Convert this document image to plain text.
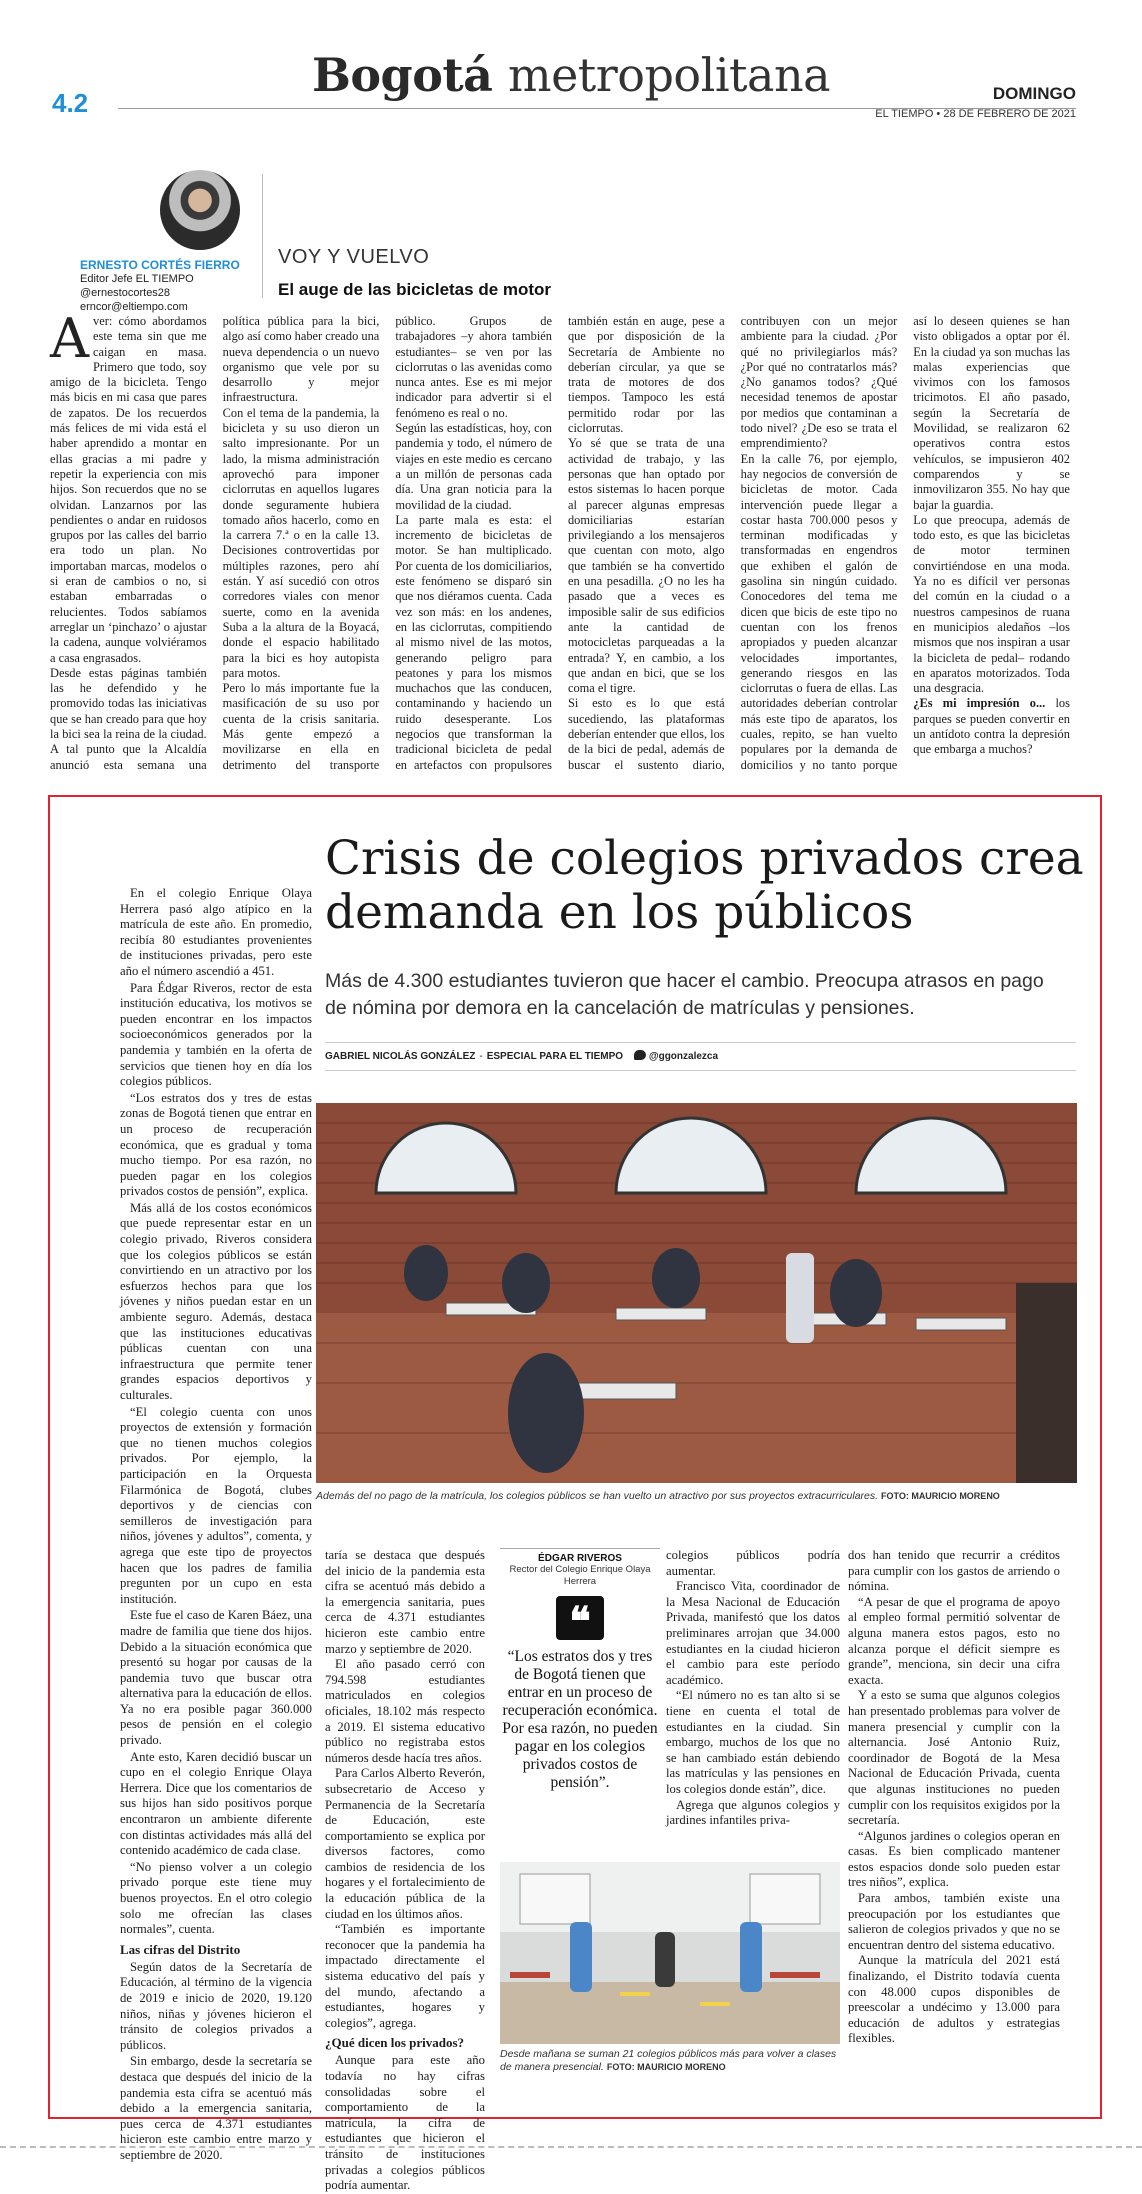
4.2
Bogotá metropolitana	DOMINGO
EL TIEMPO • 28 DE FEBRERO DE 2021
ERNESTO CORTÉS FIERRO
Editor Jefe EL TIEMPO
@ernestocortes28
erncor@eltiempo.com
VOY Y VUELVO
El auge de las bicicletas de motor

Aver: cómo abordamos este tema sin que me caigan en masa. Primero que todo, soy amigo de la bicicleta. Tengo más bicis en mi casa que pares de zapatos. De los recuerdos más felices de mi vida está el haber aprendido a montar en ellas gracias a mi padre y repetir la experiencia con mis hijos. Son recuerdos que no se olvidan. Lanzarnos por las pendientes o andar en ruidosos grupos por las calles del barrio era todo un plan. No importaban marcas, modelos o si eran de cambios o no, si estaban embarradas o relucientes. Todos sabíamos arreglar un ‘pinchazo’ o ajustar la cadena, aunque volviéramos a casa engrasados.

Desde estas páginas también las he defendido y he promovido todas las iniciativas que se han creado para que hoy la bici sea la reina de la ciudad. A tal punto que la Alcaldía anunció esta semana una política pública para la bici, algo así como haber creado una nueva dependencia o un nuevo organismo que vele por su desarrollo y mejor infraestructura.

Con el tema de la pandemia, la bicicleta y su uso dieron un salto impresionante. Por un lado, la misma administración aprovechó para imponer ciclorrutas en aquellos lugares donde seguramente hubiera tomado años hacerlo, como en la carrera 7.ª o en la calle 13. Decisiones controvertidas por múltiples razones, pero ahí están. Y así sucedió con otros corredores viales con menor suerte, como en la avenida Suba a la altura de la Boyacá, donde el espacio habilitado para la bici es hoy autopista para motos.

Pero lo más importante fue la masificación de su uso por cuenta de la crisis sanitaria. Más gente empezó a movilizarse en ella en detrimento del transporte público. Grupos de trabajadores –y ahora también estudiantes– se ven por las ciclorrutas o las avenidas como nunca antes. Ese es mi mejor indicador para advertir si el fenómeno es real o no.

Según las estadísticas, hoy, con pandemia y todo, el número de viajes en este medio es cercano a un millón de personas cada día. Una gran noticia para la movilidad de la ciudad.

La parte mala es esta: el incremento de bicicletas de motor. Se han multiplicado. Por cuenta de los domiciliarios, este fenómeno se disparó sin que nos diéramos cuenta. Cada vez son más: en los andenes, en las ciclorrutas, compitiendo al mismo nivel de las motos, generando peligro para peatones y para los mismos muchachos que las conducen, contaminando y haciendo un ruido desesperante. Los negocios que transforman la tradicional bicicleta de pedal en artefactos con propulsores también están en auge, pese a que por disposición de la Secretaría de Ambiente no deberían circular, ya que se trata de motores de dos tiempos. Tampoco les está permitido rodar por las ciclorrutas.

Yo sé que se trata de una actividad de trabajo, y las personas que han optado por estos sistemas lo hacen porque al parecer algunas empresas domiciliarias estarían privilegiando a los mensajeros que cuentan con moto, algo que también se ha convertido en una pesadilla. ¿O no les ha pasado que a veces es imposible salir de sus edificios ante la cantidad de motocicletas parqueadas a la entrada? Y, en cambio, a los que andan en bici, que se los coma el tigre.

Si esto es lo que está sucediendo, las plataformas deberían entender que ellos, los de la bici de pedal, además de buscar el sustento diario, contribuyen con un mejor ambiente para la ciudad. ¿Por qué no privilegiarlos más? ¿Por qué no contratarlos más? ¿No ganamos todos? ¿Qué necesidad tenemos de apostar por medios que contaminan a todo nivel? ¿De eso se trata el emprendimiento?

En la calle 76, por ejemplo, hay negocios de conversión de bicicletas de motor. Cada intervención puede llegar a costar hasta 700.000 pesos y terminan modificadas y transformadas en engendros que exhiben el galón de gasolina sin ningún cuidado. Conocedores del tema me dicen que bicis de este tipo no cuentan con los frenos apropiados y pueden alcanzar velocidades importantes, generando riesgos en las ciclorrutas o fuera de ellas. Las autoridades deberían controlar más este tipo de aparatos, los cuales, repito, se han vuelto populares por la demanda de domicilios y no tanto porque así lo deseen quienes se han visto obligados a optar por él. En la ciudad ya son muchas las malas experiencias que vivimos con los famosos tricimotos. El año pasado, según la Secretaría de Movilidad, se realizaron 62 operativos contra estos vehículos, se impusieron 402 comparendos y se inmovilizaron 355. No hay que bajar la guardia.

Lo que preocupa, además de todo esto, es que las bicicletas de motor terminen convirtiéndose en una moda. Ya no es difícil ver personas del común en la ciudad o a nuestros campesinos de ruana en municipios aledaños –los mismos que nos inspiran a usar la bicicleta de pedal– rodando en aparatos motorizados. Toda una desgracia.

¿Es mi impresión o... los parques se pueden convertir en un antídoto contra la depresión que embarga a muchos?

Crisis de colegios privados crea demanda en los públicos
Más de 4.300 estudiantes tuvieron que hacer el cambio. Preocupa atrasos en pago de nómina por demora en la cancelación de matrículas y pensiones.
GABRIEL NICOLÁS GONZÁLEZ - ESPECIAL PARA EL TIEMPO	@ggonzalezca

En el colegio Enrique Olaya Herrera pasó algo atípico en la matrícula de este año. En promedio, recibía 80 estudiantes provenientes de instituciones privadas, pero este año el número ascendió a 451.

Para Édgar Riveros, rector de esta institución educativa, los motivos se pueden encontrar en los impactos socioeconómicos generados por la pandemia y también en la oferta de servicios que tienen hoy en día los colegios públicos.

“Los estratos dos y tres de estas zonas de Bogotá tienen que entrar en un proceso de recuperación económica, que es gradual y toma mucho tiempo. Por esa razón, no pueden pagar en los colegios privados costos de pensión”, explica.

Más allá de los costos económicos que puede representar estar en un colegio privado, Riveros considera que los colegios públicos se están convirtiendo en un atractivo por los esfuerzos hechos para que los jóvenes y niños puedan estar en un ambiente seguro. Además, destaca que las instituciones educativas públicas cuentan con una infraestructura que permite tener grandes espacios deportivos y culturales.

“El colegio cuenta con unos proyectos de extensión y formación que no tienen muchos colegios privados. Por ejemplo, la participación en la Orquesta Filarmónica de Bogotá, clubes deportivos y de ciencias con semilleros de investigación para niños, jóvenes y adultos”, comenta, y agrega que este tipo de proyectos hacen que los padres de familia pregunten por un cupo en esta institución.

Este fue el caso de Karen Báez, una madre de familia que tiene dos hijos. Debido a la situación económica que presentó su hogar por causas de la pandemia tuvo que buscar otra alternativa para la educación de ellos. Ya no era posible pagar 360.000 pesos de pensión en el colegio privado.

Ante esto, Karen decidió buscar un cupo en el colegio Enrique Olaya Herrera. Dice que los comentarios de sus hijos han sido positivos porque encontraron un ambiente diferente con distintas actividades más allá del contenido académico de cada clase.

“No pienso volver a un colegio privado porque este tiene muy buenos proyectos. En el otro colegio solo me ofrecían las clases normales”, cuenta.

Las cifras del Distrito

Según datos de la Secretaría de Educación, al término de la vigencia de 2019 e inicio de 2020, 19.120 niños, niñas y jóvenes hicieron el tránsito de colegios privados a públicos.

Sin embargo, desde la secretaría se destaca que después del inicio de la pandemia esta cifra se acentuó más debido a la emergencia sanitaria, pues cerca de 4.371 estudiantes hicieron este cambio entre marzo y septiembre de 2020.

Además del no pago de la matrícula, los colegios públicos se han vuelto un atractivo por sus proyectos extracurriculares. FOTO: MAURICIO MORENO

taría se destaca que después del inicio de la pandemia esta cifra se acentuó más debido a la emergencia sanitaria, pues cerca de 4.371 estudiantes hicieron este cambio entre marzo y septiembre de 2020.

El año pasado cerró con 794.598 estudiantes matriculados en colegios oficiales, 18.102 más respecto a 2019. El sistema educativo público no registraba estos números desde hacía tres años.

Para Carlos Alberto Reverón, subsecretario de Acceso y Permanencia de la Secretaría de Educación, este comportamiento se explica por diversos factores, como cambios de residencia de los hogares y el fortalecimiento de la educación pública de la ciudad en los últimos años.

“También es importante reconocer que la pandemia ha impactado directamente el sistema educativo del país y del mundo, afectando a estudiantes, hogares y colegios”, agrega.

¿Qué dicen los privados?

Aunque para este año todavía no hay cifras consolidadas sobre el comportamiento de la matrícula, la cifra de estudiantes que hicieron el tránsito de instituciones privadas a colegios públicos podría aumentar.

ÉDGAR RIVEROS
Rector del Colegio Enrique Olaya Herrera
❝
“Los estratos dos y tres de Bogotá tienen que entrar en un proceso de recuperación económica. Por esa razón, no pueden pagar en los colegios privados costos de pensión”.
Desde mañana se suman 21 colegios públicos más para volver a clases de manera presencial. FOTO: MAURICIO MORENO

colegios públicos podría aumentar.

Francisco Vita, coordinador de la Mesa Nacional de Educación Privada, manifestó que los datos preliminares arrojan que 34.000 estudiantes en la ciudad hicieron el cambio para este período académico.

“El número no es tan alto si se tiene en cuenta el total de estudiantes en la ciudad. Sin embargo, muchos de los que no se han cambiado están debiendo las matrículas y las pensiones en los colegios donde están”, dice.

Agrega que algunos colegios y jardines infantiles priva-

dos han tenido que recurrir a créditos para cumplir con los gastos de arriendo o nómina.

“A pesar de que el programa de apoyo al empleo formal permitió solventar de alguna manera estos pagos, esto no alcanza porque el déficit siempre es grande”, menciona, sin decir una cifra exacta.

Y a esto se suma que algunos colegios han presentado problemas para volver de manera presencial y cumplir con la alternancia. José Antonio Ruiz, coordinador de Bogotá de la Mesa Nacional de Educación Privada, cuenta que algunas instituciones no pueden cumplir con los requisitos exigidos por la secretaría.

“Algunos jardines o colegios operan en casas. Es bien complicado mantener estos espacios donde solo pueden estar tres niños”, explica.

Para ambos, también existe una preocupación por los estudiantes que salieron de colegios privados y que no se encuentran dentro del sistema educativo.

Aunque la matrícula del 2021 está finalizando, el Distrito todavía cuenta con 48.000 cupos disponibles de preescolar a undécimo y 13.000 para educación de adultos y estrategias flexibles.
